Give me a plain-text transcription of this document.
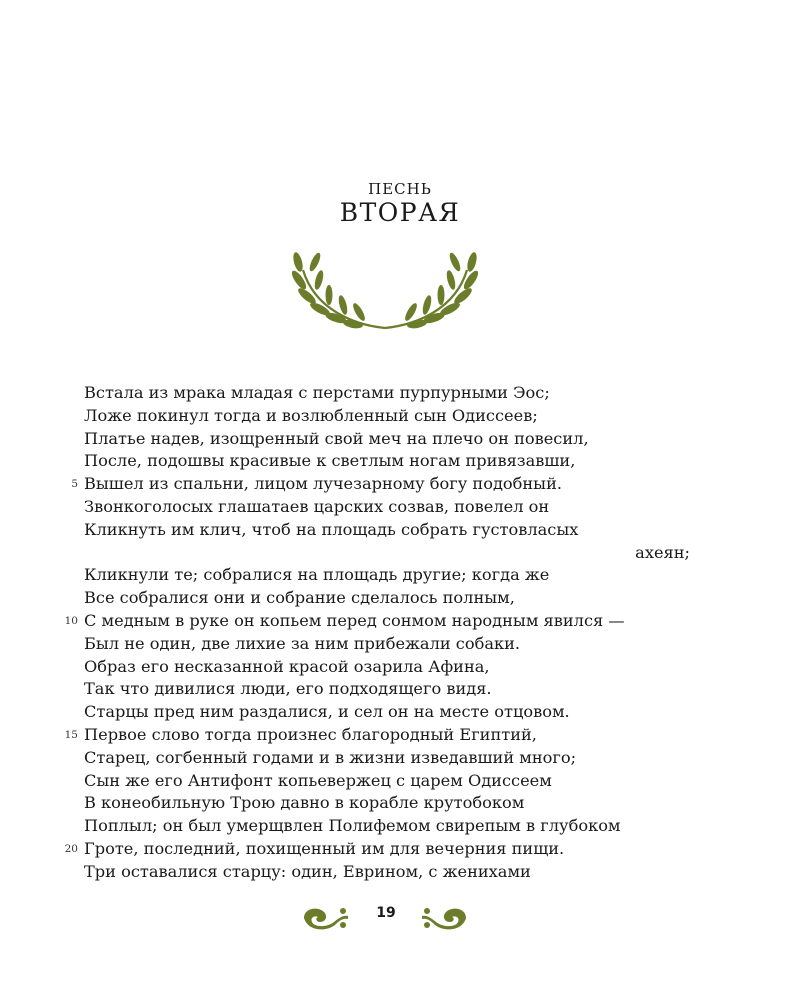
ПЕСНЬ
ВТОРАЯ
Встала из мрака младая с перстами пурпурными Эос;
Ложе покинул тогда и возлюбленный сын Одиссеев;
Платье надев, изощренный свой меч на плечо он повесил,
После, подошвы красивые к светлым ногам привязавши,
5 Вышел из спальни, лицом лучезарному богу подобный.
Звонкоголосых глашатаев царских созвав, повелел он
Кликнуть им клич, чтоб на площадь собрать густовласых
ахеян;
Кликнули те; собралися на площадь другие; когда же
Все собралися они и собрание сделалось полным,
10 С медным в руке он копьем перед сонмом народным явился —
Был не один, две лихие за ним прибежали собаки.
Образ его несказанной красой озарила Афина,
Так что дивилися люди, его подходящего видя.
Старцы пред ним раздалися, и сел он на месте отцовом.
15 Первое слово тогда произнес благородный Египтий,
Старец, согбенный годами и в жизни изведавший много;
Сын же его Антифонт копьевержец с царем Одиссеем
В конеобильную Трою давно в корабле крутобоком
Поплыл; он был умерщвлен Полифемом свирепым в глубоком
20 Гроте, последний, похищенный им для вечерния пищи.
Три оставалися старцу: один, Еврином, с женихами
19
